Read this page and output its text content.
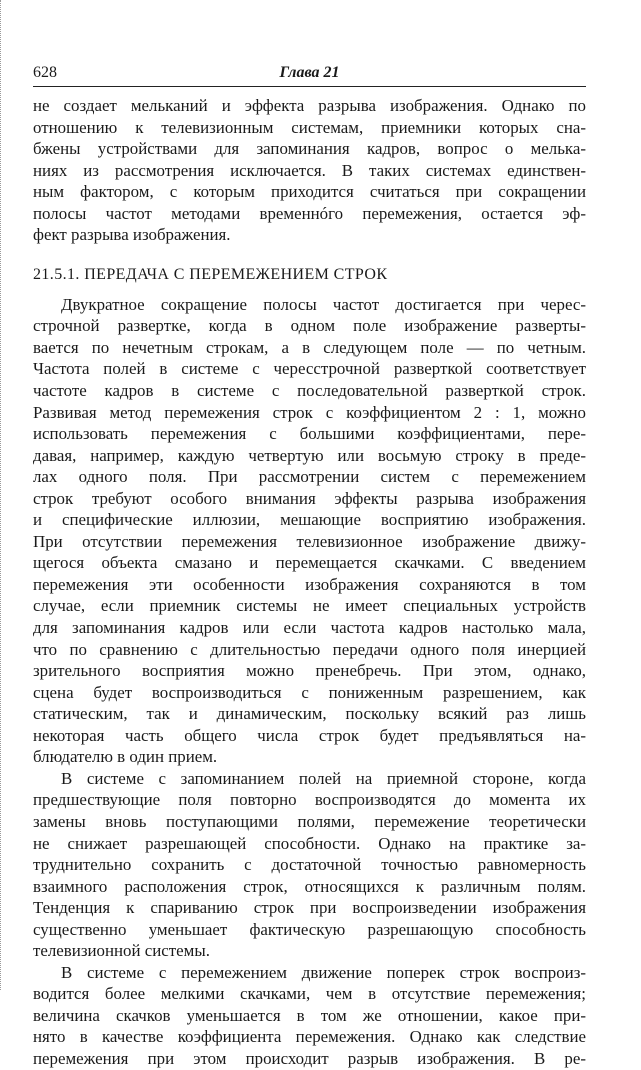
628	Глава 21
не создает мельканий и эффекта разрыва изображения. Однако по
отношению к телевизионным системам, приемники которых сна-
бжены устройствами для запоминания кадров, вопрос о мелька-
ниях из рассмотрения исключается. В таких системах единствен-
ным фактором, с которым приходится считаться при сокращении
полосы частот методами временнóго перемежения, остается эф-
фект разрыва изображения.
21.5.1. ПЕРЕДАЧА С ПЕРЕМЕЖЕНИЕМ СТРОК
Двукратное сокращение полосы частот достигается при черес-
строчной развертке, когда в одном поле изображение разверты-
вается по нечетным строкам, а в следующем поле — по четным.
Частота полей в системе с чересстрочной разверткой соответствует
частоте кадров в системе с последовательной разверткой строк.
Развивая метод перемежения строк с коэффициентом 2 : 1, можно
использовать перемежения с большими коэффициентами, пере-
давая, например, каждую четвертую или восьмую строку в преде-
лах одного поля. При рассмотрении систем с перемежением
строк требуют особого внимания эффекты разрыва изображения
и специфические иллюзии, мешающие восприятию изображения.
При отсутствии перемежения телевизионное изображение движу-
щегося объекта смазано и перемещается скачками. С введением
перемежения эти особенности изображения сохраняются в том
случае, если приемник системы не имеет специальных устройств
для запоминания кадров или если частота кадров настолько мала,
что по сравнению с длительностью передачи одного поля инерцией
зрительного восприятия можно пренебречь. При этом, однако,
сцена будет воспроизводиться с пониженным разрешением, как
статическим, так и динамическим, поскольку всякий раз лишь
некоторая часть общего числа строк будет предъявляться на-
блюдателю в один прием.
В системе с запоминанием полей на приемной стороне, когда
предшествующие поля повторно воспроизводятся до момента их
замены вновь поступающими полями, перемежение теоретически
не снижает разрешающей способности. Однако на практике за-
труднительно сохранить с достаточной точностью равномерность
взаимного расположения строк, относящихся к различным полям.
Тенденция к спариванию строк при воспроизведении изображения
существенно уменьшает фактическую разрешающую способность
телевизионной системы.
В системе с перемежением движение поперек строк воспроиз-
водится более мелкими скачками, чем в отсутствие перемежения;
величина скачков уменьшается в том же отношении, какое при-
нято в качестве коэффициента перемежения. Однако как следствие
перемежения при этом происходит разрыв изображения. В ре-
